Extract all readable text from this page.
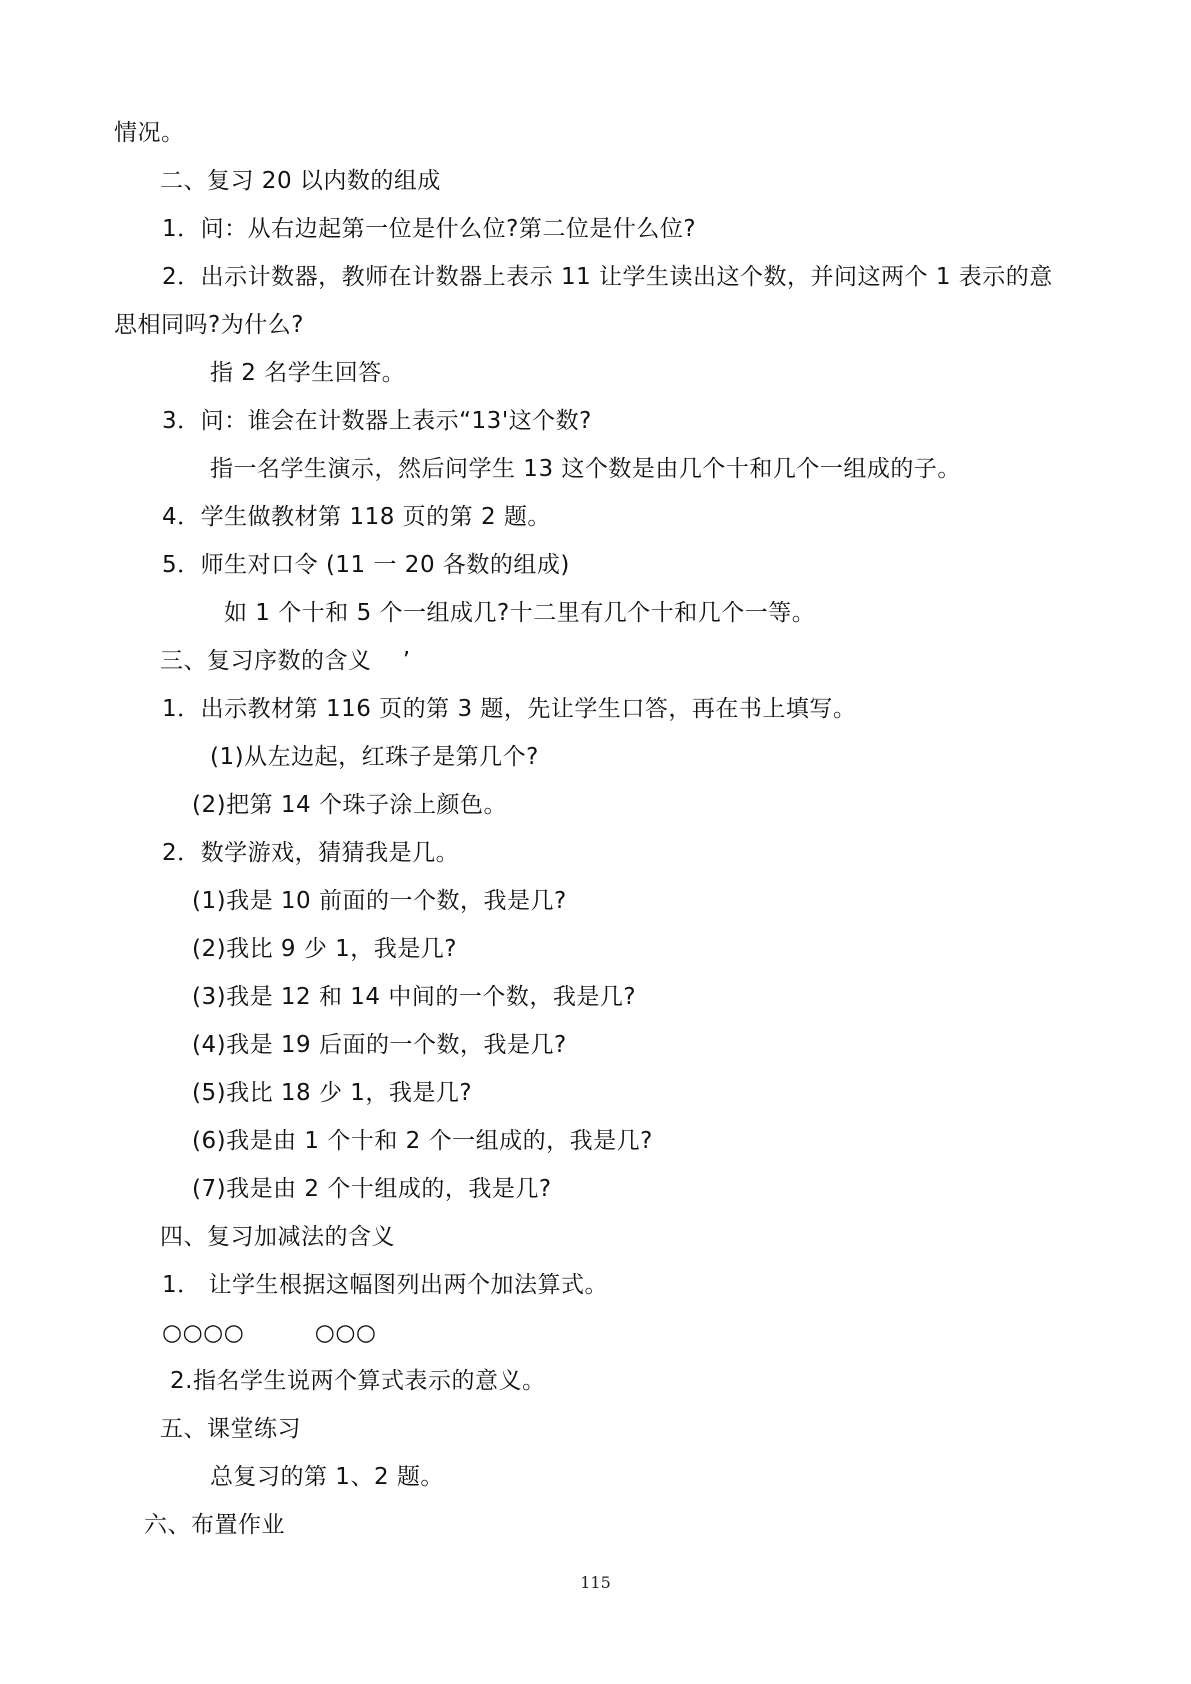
情况。
二、复习 20 以内数的组成
1．问：从右边起第一位是什么位?第二位是什么位?
2．出示计数器，教师在计数器上表示 11 让学生读出这个数，并问这两个 1 表示的意
思相同吗?为什么?
指 2 名学生回答。
3．问：谁会在计数器上表示“13'这个数?
指一名学生演示，然后问学生 13 这个数是由几个十和几个一组成的子。
4．学生做教材第 118 页的第 2 题。
5．师生对口令 (11 一 20 各数的组成)
如 1 个十和 5 个一组成几?十二里有几个十和几个一等。
三、复习序数的含义　 ’
1．出示教材第 116 页的第 3 题，先让学生口答，再在书上填写。
(1)从左边起，红珠子是第几个?
(2)把第 14 个珠子涂上颜色。
2．数学游戏，猜猜我是几。
(1)我是 10 前面的一个数，我是几?
(2)我比 9 少 1，我是几?
(3)我是 12 和 14 中间的一个数，我是几?
(4)我是 19 后面的一个数，我是几?
(5)我比 18 少 1，我是几?
(6)我是由 1 个十和 2 个一组成的，我是几?
(7)我是由 2 个十组成的，我是几?
四、复习加减法的含义
1． 让学生根据这幅图列出两个加法算式。
○○○○　　　○○○
2.指名学生说两个算式表示的意义。
五、课堂练习
总复习的第 1、2 题。
六、布置作业
115
